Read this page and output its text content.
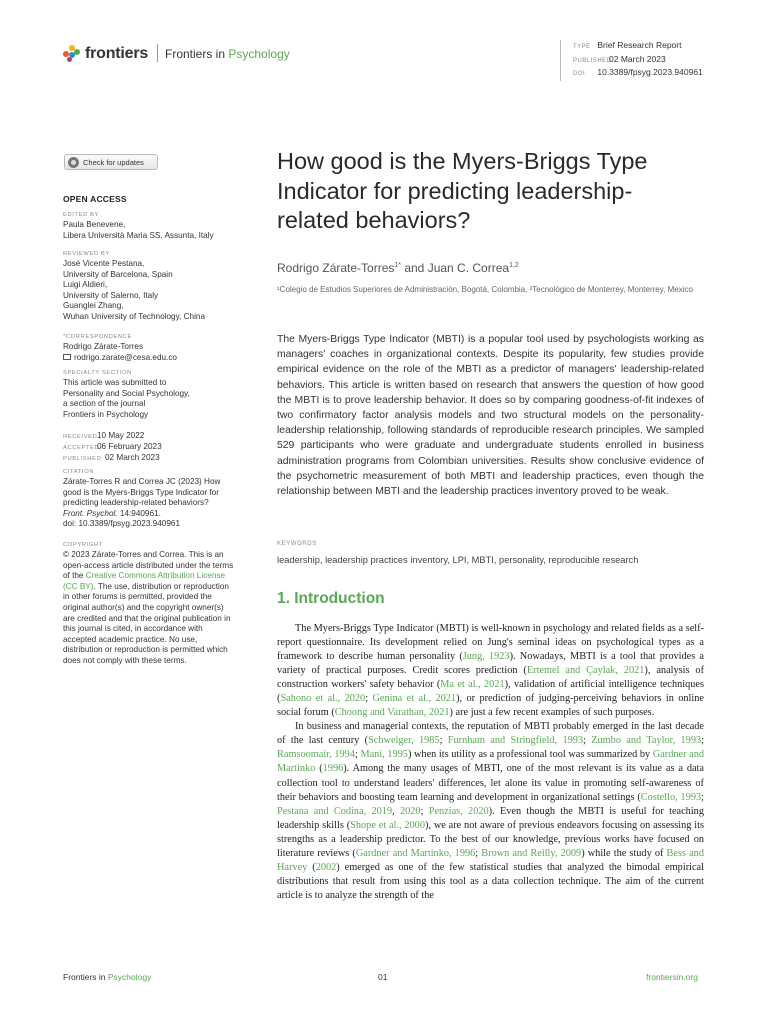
frontiers Frontiers in Psychology	TYPE Brief Research Report
PUBLISHED02 March 2023
DOI 10.3389/fpsyg.2023.940961
Check for updates
OPEN ACCESS
EDITED BY
Paula Benevene,
Libera Università Maria SS. Assunta, Italy
REVIEWED BY
José Vicente Pestana,
University of Barcelona, Spain
Luigi Aldieri,
University of Salerno, Italy
Guanglei Zhang,
Wuhan University of Technology, China
*CORRESPONDENCE
Rodrigo Zárate-Torres
rodrigo.zarate@cesa.edu.co
SPECIALTY SECTION
This article was submitted to
Personality and Social Psychology,
a section of the journal
Frontiers in Psychology
RECEIVED10 May 2022
ACCEPTED06 February 2023
PUBLISHED 02 March 2023
CITATION
Zárate-Torres R and Correa JC (2023) How
good is the Myers-Briggs Type Indicator for
predicting leadership-related behaviors?
Front. Psychol. 14:940961.
doi: 10.3389/fpsyg.2023.940961
COPYRIGHT
© 2023 Zárate-Torres and Correa. This is an
open-access article distributed under the terms
of the Creative Commons Attribution License
(CC BY). The use, distribution or reproduction
in other forums is permitted, provided the
original author(s) and the copyright owner(s)
are credited and that the original publication in
this journal is cited, in accordance with
accepted academic practice. No use,
distribution or reproduction is permitted which
does not comply with these terms.
How good is the Myers-Briggs Type Indicator for predicting leadership-related behaviors?
Rodrigo Zárate-Torres$^{1*}$ and Juan C. Correa$^{1,2}$
¹Colegio de Estudios Superiores de Administración, Bogotá, Colombia, ²Tecnológico de Monterrey, Monterrey, Mexico
The Myers-Briggs Type Indicator (MBTI) is a popular tool used by psychologists working as managers' coaches in organizational contexts. Despite its popularity, few studies provide empirical evidence on the role of the MBTI as a predictor of managers' leadership-related behaviors. This article is written based on research that answers the question of how good the MBTI is to prove leadership behavior. It does so by comparing goodness-of-fit indexes of two confirmatory factor analysis models and two structural models on the personality-leadership relationship, following standards of reproducible research principles. We sampled 529 participants who were graduate and undergraduate students enrolled in business administration programs from Colombian universities. Results show conclusive evidence of the psychometric measurement of both MBTI and leadership practices, even though the relationship between MBTI and the leadership practices inventory proved to be weak.
KEYWORDS
leadership, leadership practices inventory, LPI, MBTI, personality, reproducible research
1. Introduction

The Myers-Briggs Type Indicator (MBTI) is well-known in psychology and related fields as a self-report questionnaire. Its development relied on Jung's seminal ideas on psychological types as a framework to describe human personality (Jung, 1923). Nowadays, MBTI is a tool that provides a variety of practical purposes. Credit scores prediction (Ertemel and Çaylak, 2021), analysis of construction workers' safety behavior (Ma et al., 2021), validation of artificial intelligence techniques (Sahono et al., 2020; Genina et al., 2021), or prediction of judging-perceiving behaviors in online social forum (Choong and Varathan, 2021) are just a few recent examples of such purposes.

In business and managerial contexts, the reputation of MBTI probably emerged in the last decade of the last century (Schweiger, 1985; Furnham and Stringfield, 1993; Zumbo and Taylor, 1993; Ramsoomair, 1994; Mani, 1995) when its utility as a professional tool was summarized by Gardner and Martinko (1996). Among the many usages of MBTI, one of the most relevant is its value as a data collection tool to understand leaders' differences, let alone its value in promoting self-awareness of their behaviors and boosting team learning and development in organizational settings (Costello, 1993; Pestana and Codina, 2019, 2020; Penzias, 2020). Even though the MBTI is useful for teaching leadership skills (Shope et al., 2000), we are not aware of previous endeavors focusing on assessing its strengths as a leadership predictor. To the best of our knowledge, previous works have focused on literature reviews (Gardner and Martinko, 1996; Brown and Reilly, 2009) while the study of Bess and Harvey (2002) emerged as one of the few statistical studies that analyzed the bimodal empirical distributions that result from using this tool as a data collection technique. The aim of the current article is to analyze the strength of the

Frontiers in Psychology	01	frontiersin.org
